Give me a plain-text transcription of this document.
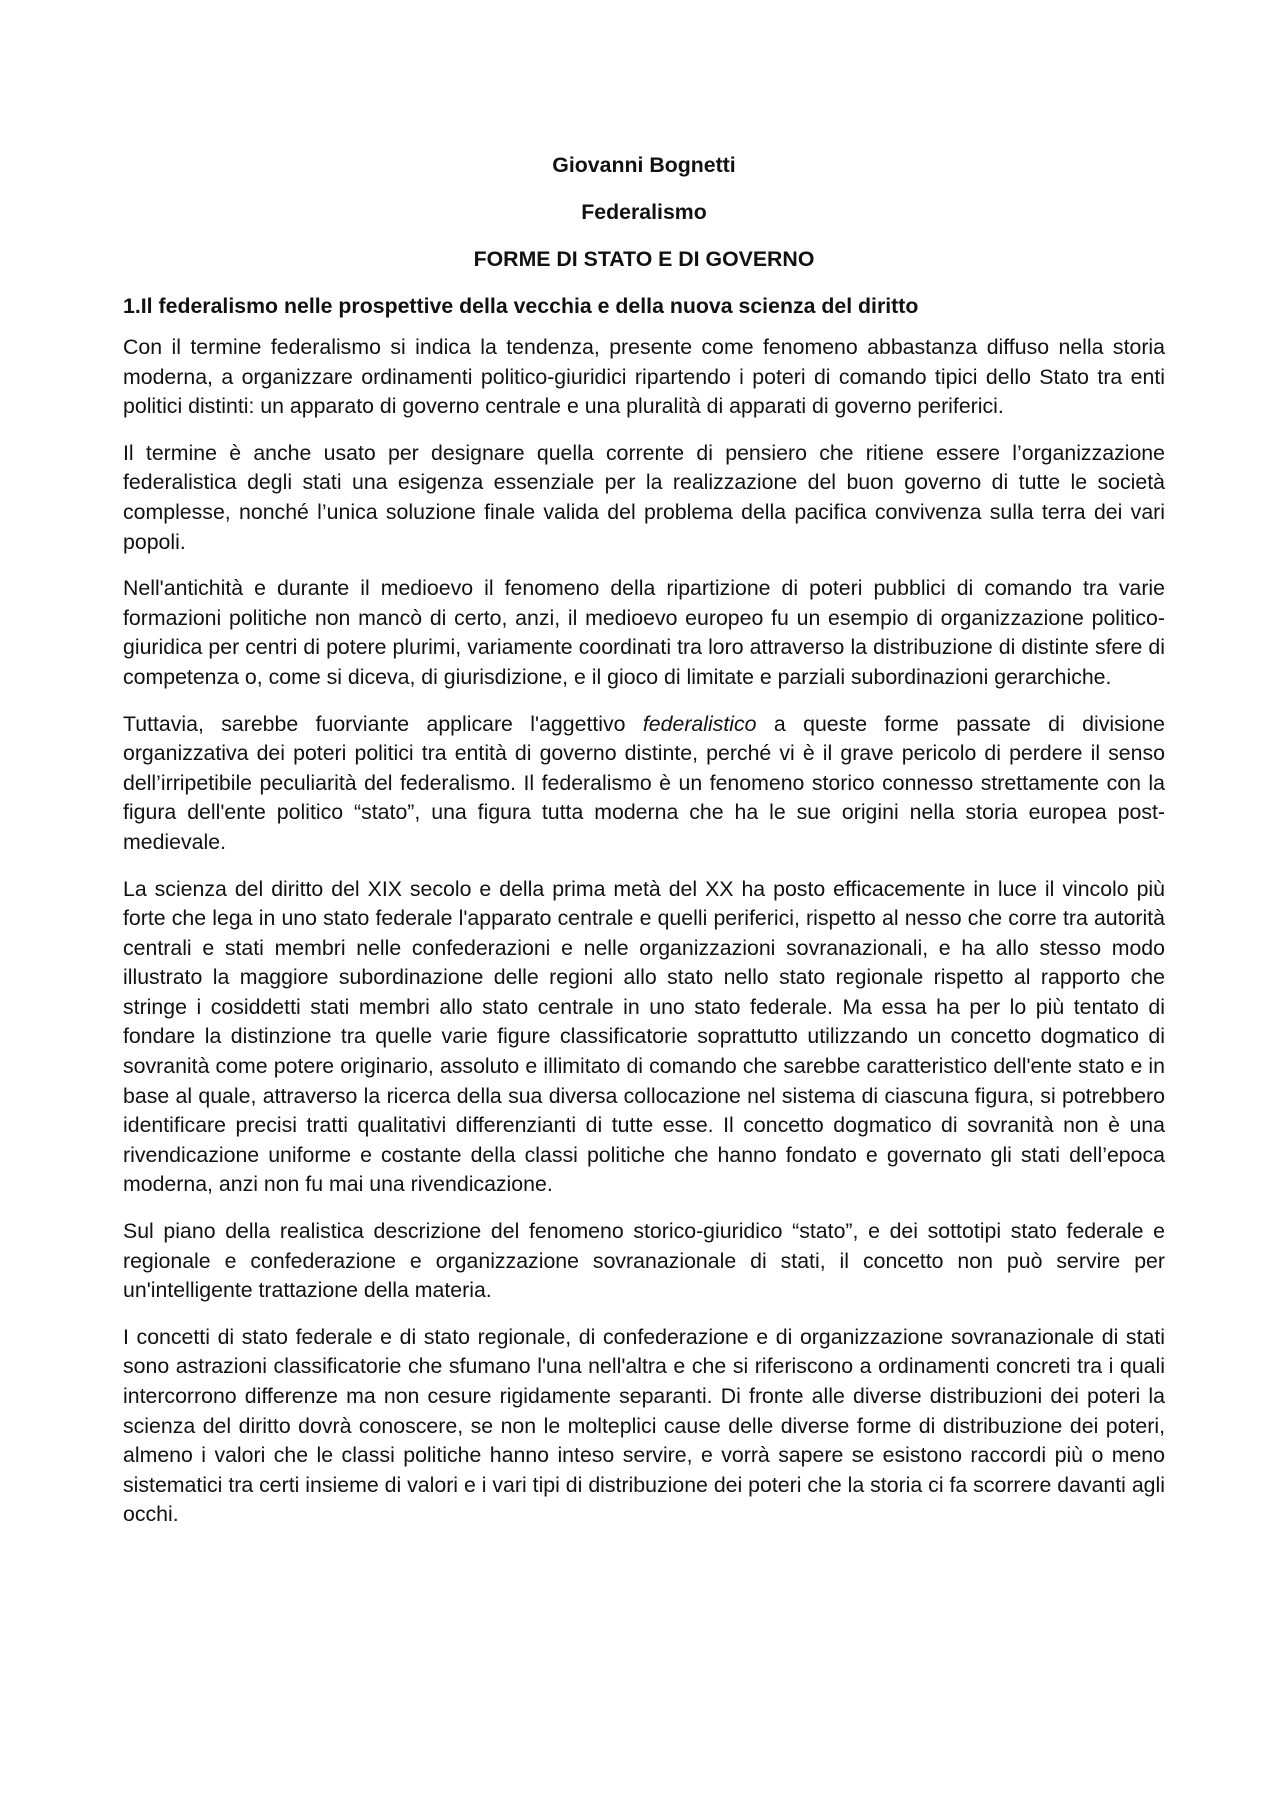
Giovanni Bognetti
Federalismo
FORME DI STATO E DI GOVERNO
1.Il federalismo nelle prospettive della vecchia e della nuova scienza del diritto

Con il termine federalismo si indica la tendenza, presente come fenomeno abbastanza diffuso nella storia moderna, a organizzare ordinamenti politico-giuridici ripartendo i poteri di comando tipici dello Stato tra enti politici distinti: un apparato di governo centrale e una pluralità di apparati di governo periferici.

Il termine è anche usato per designare quella corrente di pensiero che ritiene essere l’organizzazione federalistica degli stati una esigenza essenziale per la realizzazione del buon governo di tutte le società complesse, nonché l’unica soluzione finale valida del problema della pacifica convivenza sulla terra dei vari popoli.

Nell'antichità e durante il medioevo il fenomeno della ripartizione di poteri pubblici di comando tra varie formazioni politiche non mancò di certo, anzi, il medioevo europeo fu un esempio di organizzazione politico-giuridica per centri di potere plurimi, variamente coordinati tra loro attraverso la distribuzione di distinte sfere di competenza o, come si diceva, di giurisdizione, e il gioco di limitate e parziali subordinazioni gerarchiche.

Tuttavia, sarebbe fuorviante applicare l'aggettivo federalistico a queste forme passate di divisione organizzativa dei poteri politici tra entità di governo distinte, perché vi è il grave pericolo di perdere il senso dell’irripetibile peculiarità del federalismo. Il federalismo è un fenomeno storico connesso strettamente con la figura dell'ente politico “stato”, una figura tutta moderna che ha le sue origini nella storia europea post-medievale.

La scienza del diritto del XIX secolo e della prima metà del XX ha posto efficacemente in luce il vincolo più forte che lega in uno stato federale l'apparato centrale e quelli periferici, rispetto al nesso che corre tra autorità centrali e stati membri nelle confederazioni e nelle organizzazioni sovranazionali, e ha allo stesso modo illustrato la maggiore subordinazione delle regioni allo stato nello stato regionale rispetto al rapporto che stringe i cosiddetti stati membri allo stato centrale in uno stato federale. Ma essa ha per lo più tentato di fondare la distinzione tra quelle varie figure classificatorie soprattutto utilizzando un concetto dogmatico di sovranità come potere originario, assoluto e illimitato di comando che sarebbe caratteristico dell'ente stato e in base al quale, attraverso la ricerca della sua diversa collocazione nel sistema di ciascuna figura, si potrebbero identificare precisi tratti qualitativi differenzianti di tutte esse. Il concetto dogmatico di sovranità non è una rivendicazione uniforme e costante della classi politiche che hanno fondato e governato gli stati dell’epoca moderna, anzi non fu mai una rivendicazione.

Sul piano della realistica descrizione del fenomeno storico-giuridico “stato”, e dei sottotipi stato federale e regionale e confederazione e organizzazione sovranazionale di stati, il concetto non può servire per un'intelligente trattazione della materia.

I concetti di stato federale e di stato regionale, di confederazione e di organizzazione sovranazionale di stati sono astrazioni classificatorie che sfumano l'una nell'altra e che si riferiscono a ordinamenti concreti tra i quali intercorrono differenze ma non cesure rigidamente separanti. Di fronte alle diverse distribuzioni dei poteri la scienza del diritto dovrà conoscere, se non le molteplici cause delle diverse forme di distribuzione dei poteri, almeno i valori che le classi politiche hanno inteso servire, e vorrà sapere se esistono raccordi più o meno sistematici tra certi insieme di valori e i vari tipi di distribuzione dei poteri che la storia ci fa scorrere davanti agli occhi.
